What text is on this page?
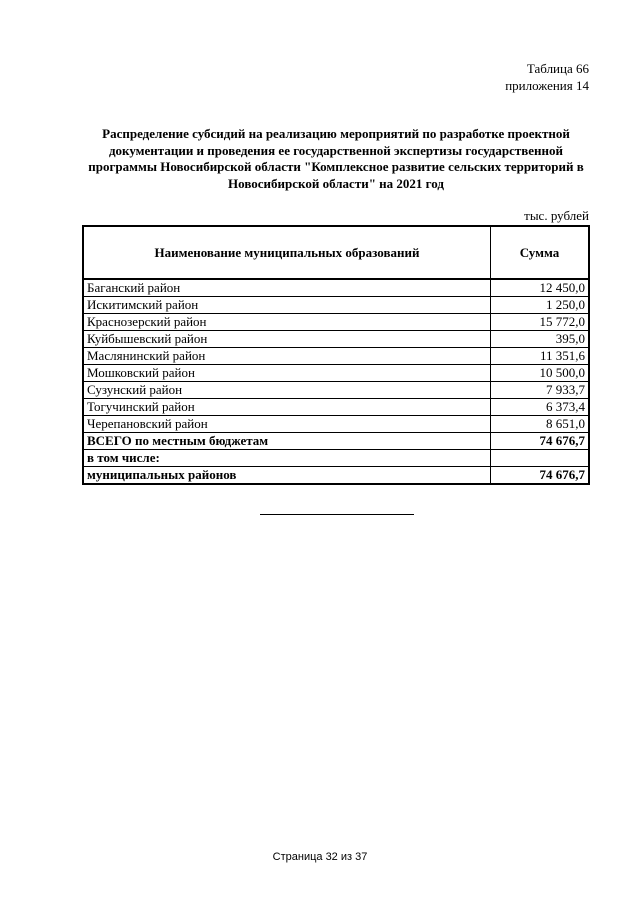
Таблица 66
приложения 14
Распределение субсидий на реализацию мероприятий по разработке проектной
документации и проведения ее государственной экспертизы государственной
программы Новосибирской области "Комплексное развитие сельских территорий в
Новосибирской области" на 2021 год
тыс. рублей
Наименование муниципальных образований	Сумма
Баганский район	12 450,0
Искитимский район	1 250,0
Краснозерский район	15 772,0
Куйбышевский район	395,0
Маслянинский район	11 351,6
Мошковский район	10 500,0
Сузунский район	7 933,7
Тогучинский район	6 373,4
Черепановский район	8 651,0
ВСЕГО по местным бюджетам	74 676,7
в том числе:	
муниципальных районов	74 676,7
Страница 32 из 37
